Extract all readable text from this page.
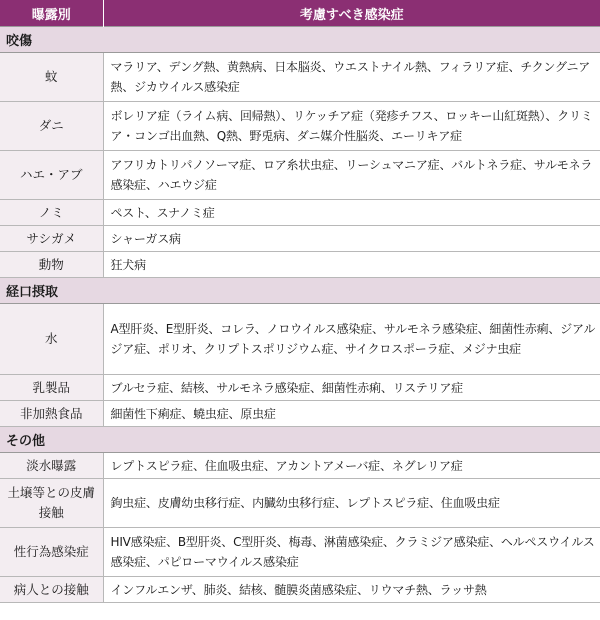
曝露別	考慮すべき感染症
咬傷	
蚊	マラリア、デング熱、黄熱病、日本脳炎、ウエストナイル熱、フィラリア症、チクングニア熱、ジカウイルス感染症
ダニ	ボレリア症（ライム病、回帰熱）、リケッチア症（発疹チフス、ロッキー山紅斑熱）、クリミア・コンゴ出血熱、Q熱、野兎病、ダニ媒介性脳炎、エーリキア症
ハエ・アブ	アフリカトリパノソーマ症、ロア糸状虫症、リーシュマニア症、バルトネラ症、サルモネラ感染症、ハエウジ症
ノミ	ペスト、スナノミ症
サシガメ	シャーガス病
動物	狂犬病
経口摂取	
水	A型肝炎、E型肝炎、コレラ、ノロウイルス感染症、サルモネラ感染症、細菌性赤痢、ジアルジア症、ポリオ、クリプトスポリジウム症、サイクロスポーラ症、メジナ虫症
乳製品	ブルセラ症、結核、サルモネラ感染症、細菌性赤痢、リステリア症
非加熱食品	細菌性下痢症、蟯虫症、原虫症
その他	
淡水曝露	レプトスピラ症、住血吸虫症、アカントアメーバ症、ネグレリア症
土壌等との皮膚接触	鉤虫症、皮膚幼虫移行症、内臓幼虫移行症、レプトスピラ症、住血吸虫症
性行為感染症	HIV感染症、B型肝炎、C型肝炎、梅毒、淋菌感染症、クラミジア感染症、ヘルペスウイルス感染症、パピローマウイルス感染症
病人との接触	インフルエンザ、肺炎、結核、髄膜炎菌感染症、リウマチ熱、ラッサ熱
